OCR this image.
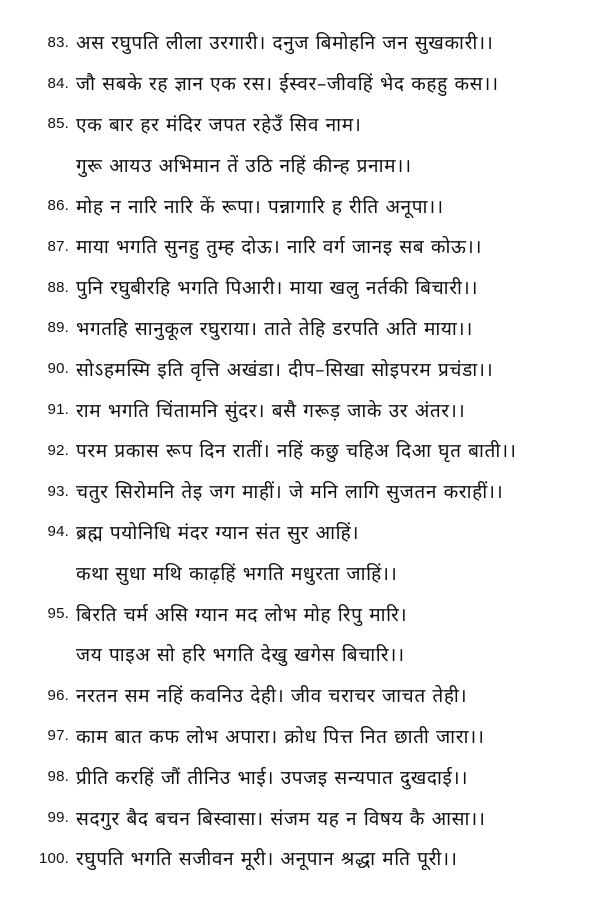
83. अस रघुपति लीला उरगारी। दनुज बिमोहनि जन सुखकारी।।
84. जौ सबके रह ज्ञान एक रस। ईस्वर–जीवहिं भेद कहहु कस।।
85. एक बार हर मंदिर जपत रहेउँ सिव नाम।
गुरू आयउ अभिमान तें उठि नहिं कीन्ह प्रनाम।।
86. मोह न नारि नारि कें रूपा। पन्नागारि ह रीति अनूपा।।
87. माया भगति सुनहु तुम्ह दोऊ। नारि वर्ग जानइ सब कोऊ।।
88. पुनि रघुबीरहि भगति पिआरी। माया खलु नर्तकी बिचारी।।
89. भगतहि सानुकूल रघुराया। ताते तेहि डरपति अति माया।।
90. सोऽहमस्मि इति वृत्ति अखंडा। दीप–सिखा सोइपरम प्रचंडा।।
91. राम भगति चिंतामनि सुंदर। बसै गरूड़ जाके उर अंतर।।
92. परम प्रकास रूप दिन रातीं। नहिं कछु चहिअ दिआ घृत बाती।।
93. चतुर सिरोमनि तेइ जग माहीं। जे मनि लागि सुजतन कराहीं।।
94. ब्रह्म पयोनिधि मंदर ग्यान संत सुर आहिं।
कथा सुधा मथि काढ़हिं भगति मधुरता जाहिं।।
95. बिरति चर्म असि ग्यान मद लोभ मोह रिपु मारि।
जय पाइअ सो हरि भगति देखु खगेस बिचारि।।
96. नरतन सम नहिं कवनिउ देही। जीव चराचर जाचत तेही।
97. काम बात कफ लोभ अपारा। क्रोध पित्त नित छाती जारा।।
98. प्रीति करहिं जौं तीनिउ भाई। उपजइ सन्यपात दुखदाई।।
99. सदगुर बैद बचन बिस्वासा। संजम यह न विषय कै आसा।।
100. रघुपति भगति सजीवन मूरी। अनूपान श्रद्धा मति पूरी।।
